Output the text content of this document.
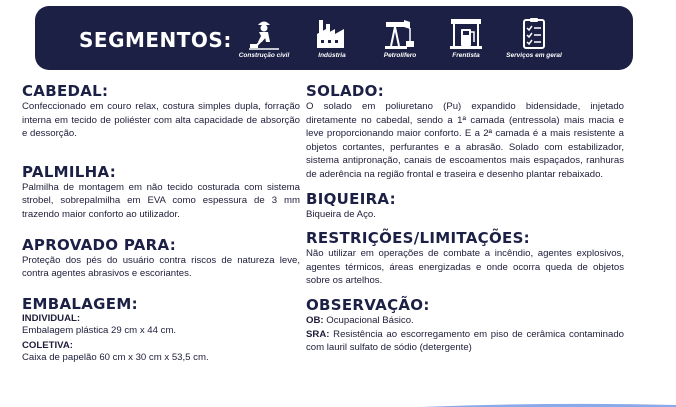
SEGMENTOS:
Construção civil	Indústria	Petrolífero	Frentista	Serviços em geral
CABEDAL:

Confeccionado em couro relax, costura simples dupla, forração interna em tecido de poliéster com alta capacidade de absorção e dessorção.

PALMILHA:

Palmilha de montagem em não tecido costurada com sistema strobel, sobrepalmilha em EVA como espessura de 3 mm trazendo maior conforto ao utilizador.

APROVADO PARA:

Proteção dos pés do usuário contra riscos de natureza leve, contra agentes abrasivos e escoriantes.

EMBALAGEM:
INDIVIDUAL:
Embalagem plástica 29 cm x 44 cm.
COLETIVA:
Caixa de papelão 60 cm x 30 cm x 53,5 cm.
SOLADO:

O solado em poliuretano (Pu) expandido bidensidade, injetado diretamente no cabedal, sendo a 1ª camada (entressola) mais macia e leve proporcionando maior conforto. E a 2ª camada é a mais resistente a objetos cortantes, perfurantes e a abrasão. Solado com estabilizador, sistema antipronação, canais de escoamentos mais espaçados, ranhuras de aderência na região frontal e traseira e desenho plantar rebaixado.

BIQUEIRA:

Biqueira de Aço.

RESTRIÇÕES/LIMITAÇÕES:

Não utilizar em operações de combate a incêndio, agentes explosivos, agentes térmicos, áreas energizadas e onde ocorra queda de objetos sobre os artelhos.

OBSERVAÇÃO:

OB: Ocupacional Básico.

SRA: Resistência ao escorregamento em piso de cerâmica contaminado com lauril sulfato de sódio (detergente)
